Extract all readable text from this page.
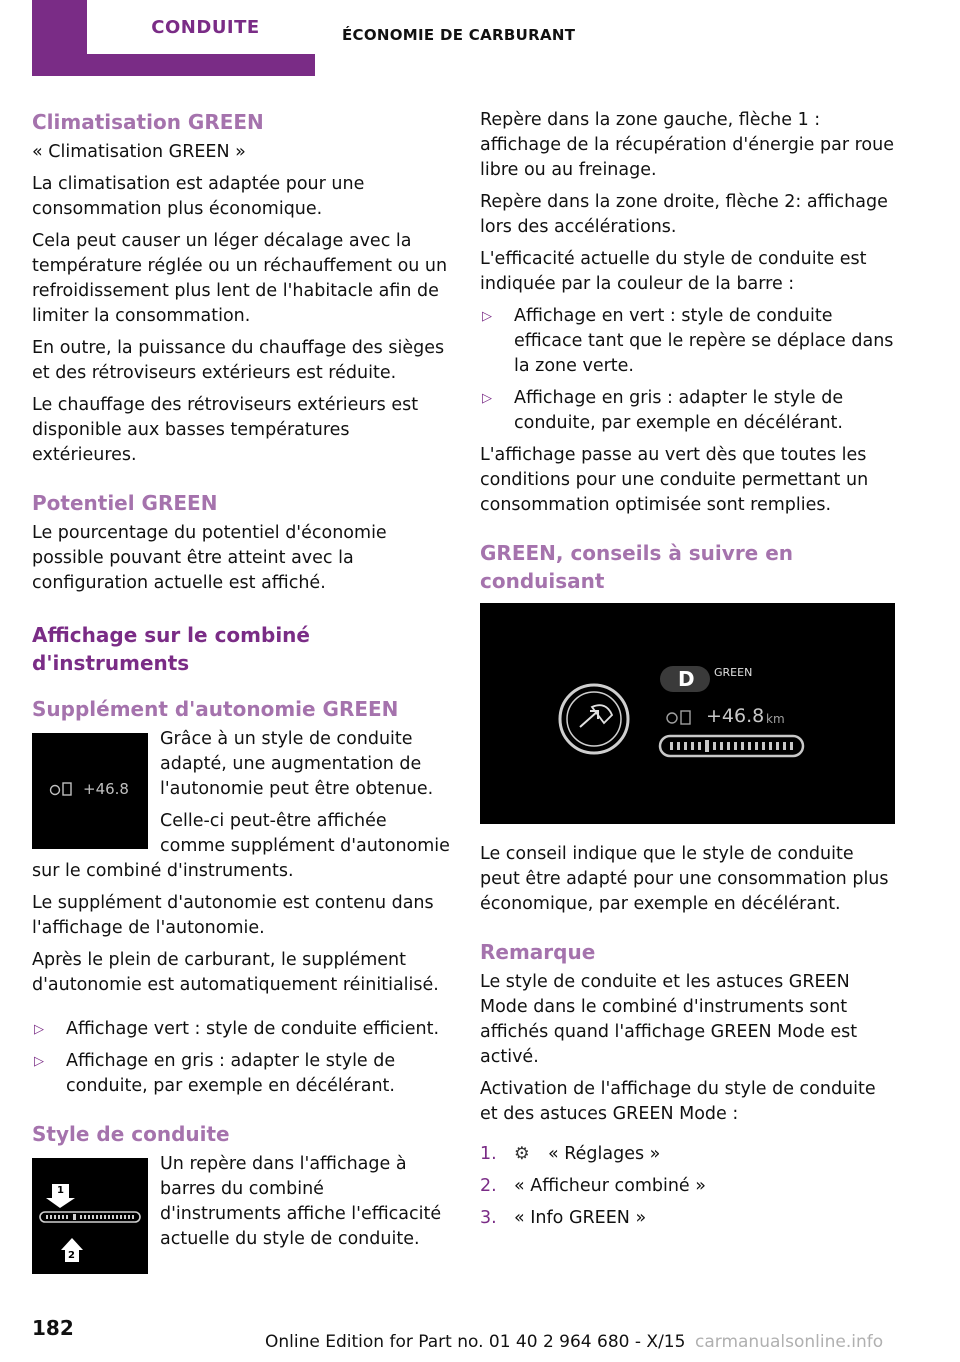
CONDUITE	ÉCONOMIE DE CARBURANT
Climatisation GREEN

« Climatisation GREEN »

La climatisation est adaptée pour une consommation plus économique.

Cela peut causer un léger décalage avec la température réglée ou un réchauffement ou un refroidissement plus lent de l'habitacle afin de limiter la consommation.

En outre, la puissance du chauffage des sièges et des rétroviseurs extérieurs est réduite.

Le chauffage des rétroviseurs extérieurs est disponible aux basses températures extérieures.

Potentiel GREEN

Le pourcentage du potentiel d'économie possible pouvant être atteint avec la configuration actuelle est affiché.

Affichage sur le combiné d'instruments
Supplément d'autonomie GREEN
+46.8

Grâce à un style de conduite adapté, une augmentation de l'autonomie peut être obtenue.

Celle-ci peut-être affichée comme supplément d'autonomie sur le combiné d'instruments.

Le supplément d'autonomie est contenu dans l'affichage de l'autonomie.

Après le plein de carburant, le supplément d'autonomie est automatiquement réinitialisé.

▷ Affichage vert : style de conduite efficient.
▷ Affichage en gris : adapter le style de conduite, par exemple en décélérant.
Style de conduite
1
2

Un repère dans l'affichage à barres du combiné d'instruments affiche l'efficacité actuelle du style de conduite.

Repère dans la zone gauche, flèche 1 : affichage de la récupération d'énergie par roue libre ou au freinage.

Repère dans la zone droite, flèche 2: affichage lors des accélérations.

L'efficacité actuelle du style de conduite est indiquée par la couleur de la barre :

▷ Affichage en vert : style de conduite efficace tant que le repère se déplace dans la zone verte.
▷ Affichage en gris : adapter le style de conduite, par exemple en décélérant.

L'affichage passe au vert dès que toutes les conditions pour une conduite permettant un consommation optimisée sont remplies.

GREEN, conseils à suivre en conduisant
D GREEN
+46.8 km

Le conseil indique que le style de conduite peut être adapté pour une consommation plus économique, par exemple en décélérant.

Remarque

Le style de conduite et les astuces GREEN Mode dans le combiné d'instruments sont affichés quand l'affichage GREEN Mode est activé.

Activation de l'affichage du style de conduite et des astuces GREEN Mode :

1. ⚙ « Réglages »
2. « Afficheur combiné »
3. « Info GREEN »
182
Online Edition for Part no. 01 40 2 964 680 - X/15 carmanualsonline.info
